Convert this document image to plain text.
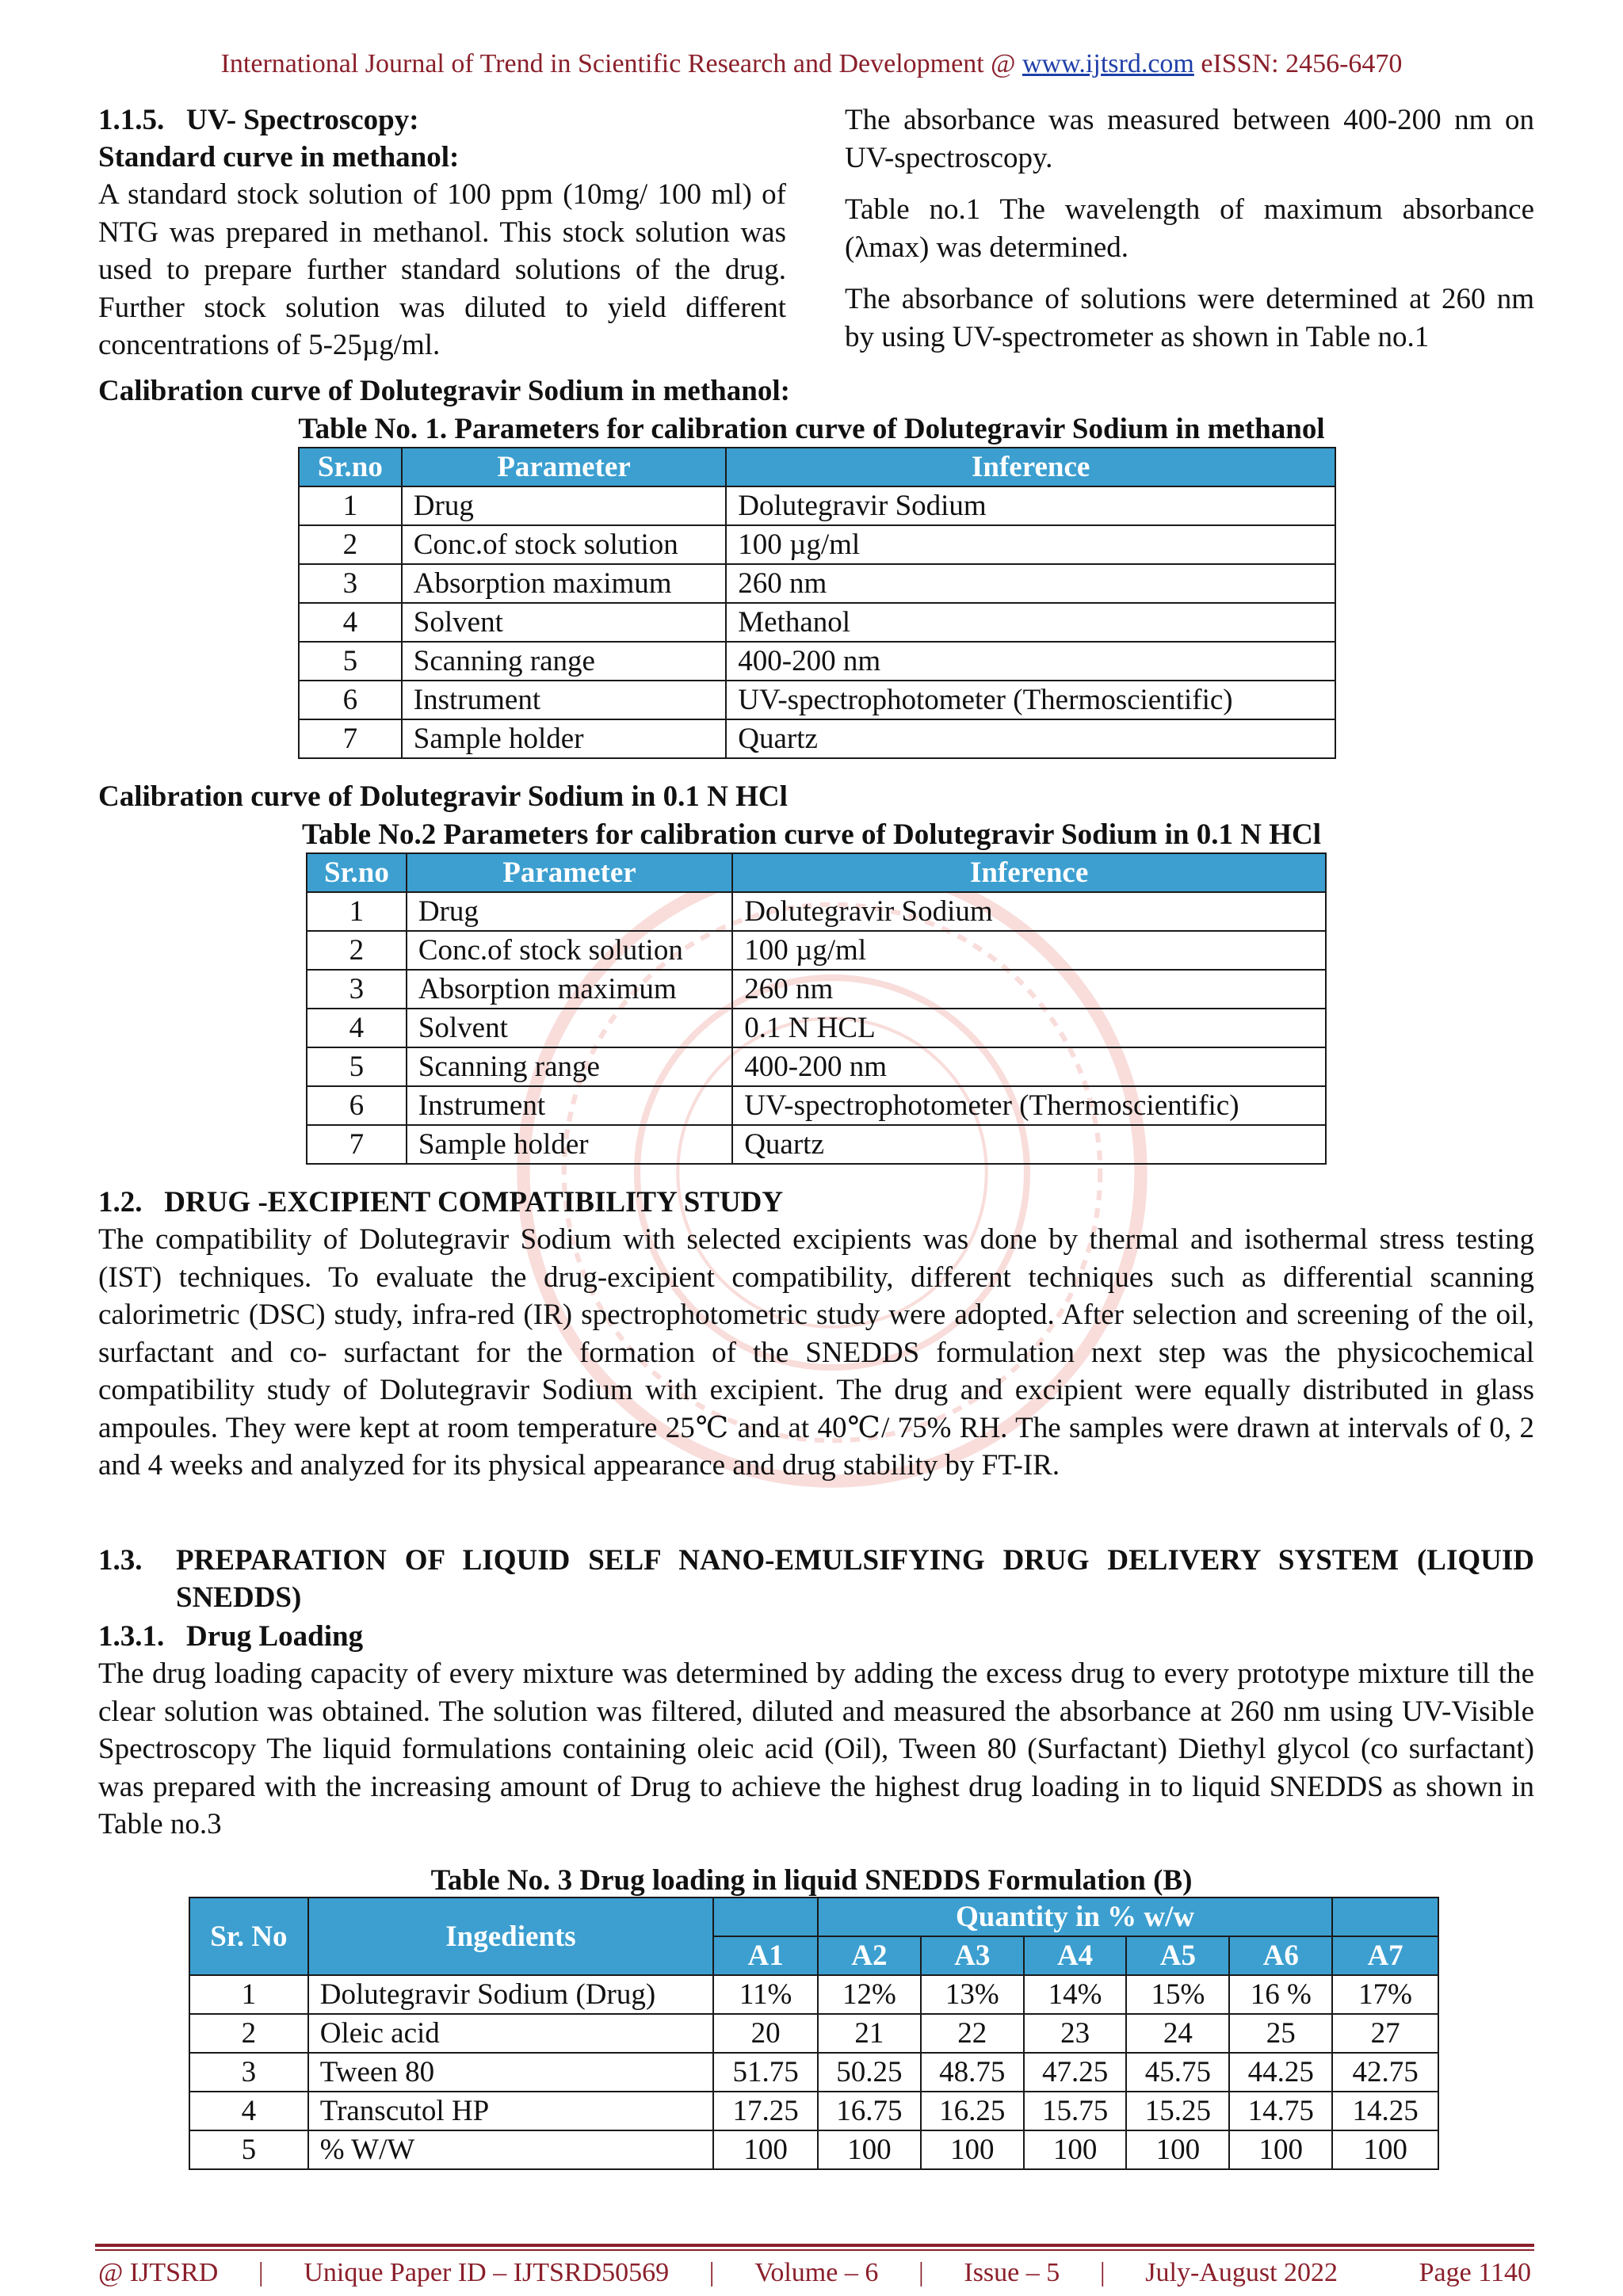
International Journal of Trend in Scientific Research and Development @ www.ijtsrd.com eISSN: 2456-6470

1.1.5.   UV- Spectroscopy:

Standard curve in methanol:

A standard stock solution of 100 ppm (10mg/ 100 ml) of NTG was prepared in methanol. This stock solution was used to prepare further standard solutions of the drug. Further stock solution was diluted to yield different concentrations of 5-25µg/ml.

The absorbance was measured between 400-200 nm on UV-spectroscopy.

Table no.1 The wavelength of maximum absorbance (λmax) was determined.

The absorbance of solutions were determined at 260 nm by using UV-spectrometer as shown in Table no.1

Calibration curve of Dolutegravir Sodium in methanol:

Table No. 1. Parameters for calibration curve of Dolutegravir Sodium in methanol

Sr.no	Parameter	Inference
1	Drug	Dolutegravir Sodium
2	Conc.of stock solution	100 µg/ml
3	Absorption maximum	260 nm
4	Solvent	Methanol
5	Scanning range	400-200 nm
6	Instrument	UV-spectrophotometer (Thermoscientific)
7	Sample holder	Quartz

Calibration curve of Dolutegravir Sodium in 0.1 N HCl

Table No.2 Parameters for calibration curve of Dolutegravir Sodium in 0.1 N HCl

Sr.no	Parameter	Inference
1	Drug	Dolutegravir Sodium
2	Conc.of stock solution	100 µg/ml
3	Absorption maximum	260 nm
4	Solvent	0.1 N HCL
5	Scanning range	400-200 nm
6	Instrument	UV-spectrophotometer (Thermoscientific)
7	Sample holder	Quartz

1.2.   DRUG -EXCIPIENT COMPATIBILITY STUDY

The compatibility of Dolutegravir Sodium with selected excipients was done by thermal and isothermal stress testing (IST) techniques. To evaluate the drug-excipient compatibility, different techniques such as differential scanning calorimetric (DSC) study, infra-red (IR) spectrophotometric study were adopted. After selection and screening of the oil, surfactant and co- surfactant for the formation of the SNEDDS formulation next step was the physicochemical compatibility study of Dolutegravir Sodium with excipient. The drug and excipient were equally distributed in glass ampoules. They were kept at room temperature 25℃ and at 40℃/ 75% RH. The samples were drawn at intervals of 0, 2 and 4 weeks and analyzed for its physical appearance and drug stability by FT-IR.

1.3.	PREPARATION OF LIQUID SELF NANO-EMULSIFYING DRUG DELIVERY SYSTEM (LIQUID SNEDDS)

1.3.1.   Drug Loading

The drug loading capacity of every mixture was determined by adding the excess drug to every prototype mixture till the clear solution was obtained. The solution was filtered, diluted and measured the absorbance at 260 nm using UV-Visible Spectroscopy The liquid formulations containing oleic acid (Oil), Tween 80 (Surfactant) Diethyl glycol (co surfactant) was prepared with the increasing amount of Drug to achieve the highest drug loading in to liquid SNEDDS as shown in Table no.3

Table No. 3 Drug loading in liquid SNEDDS Formulation (B)

Sr. No	Ingedients		Quantity in % w/w					
		A1	A2	A3	A4	A5	A6	A7
1	Dolutegravir Sodium (Drug)	11%	12%	13%	14%	15%	16 %	17%
2	Oleic acid	20	21	22	23	24	25	27
3	Tween 80	51.75	50.25	48.75	47.25	45.75	44.25	42.75
4	Transcutol HP	17.25	16.75	16.25	15.75	15.25	14.75	14.25
5	% W/W	100	100	100	100	100	100	100
@ IJTSRD | Unique Paper ID – IJTSRD50569 | Volume – 6 | Issue – 5 | July-August 2022	Page 1140
